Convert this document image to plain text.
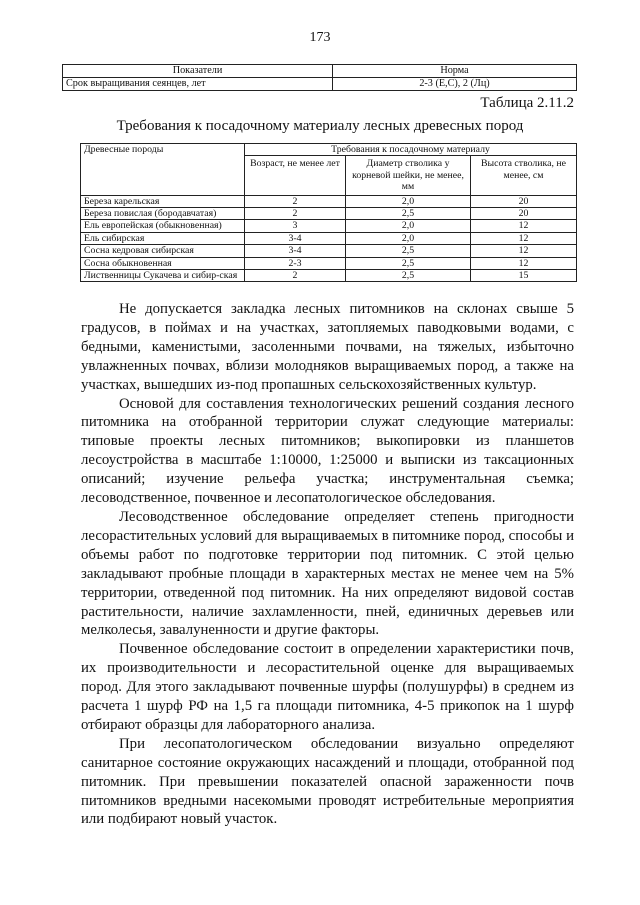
173
Показатели	Норма
Срок выращивания сеянцев, лет	2-3 (Е,С), 2 (Лц)
Таблица 2.11.2
Требования к посадочному материалу лесных древесных пород
Древесные породы	Требования к посадочному материалу		
	Возраст, не менее лет	Диаметр стволика у корневой шейки, не менее, мм	Высота стволика, не менее, см
Береза карельская	2	2,0	20
Береза повислая (бородавчатая)	2	2,5	20
Ель европейская (обыкновенная)	3	2,0	12
Ель сибирская	3-4	2,0	12
Сосна кедровая сибирская	3-4	2,5	12
Сосна обыкновенная	2-3	2,5	12
Лиственницы Сукачева и сибир-ская	2	2,5	15

Не допускается закладка лесных питомников на склонах свыше 5 градусов, в поймах и на участках, затопляемых паводковыми водами, с бедными, каменистыми, засоленными почвами, на тяжелых, избыточно увлажненных почвах, вблизи молодняков выращиваемых пород, а также на участках, вышедших из-под пропашных сельскохозяйственных культур.

Основой для составления технологических решений создания лесного питомника на отобранной территории служат следующие материалы: типовые проекты лесных питомников; выкопировки из планшетов лесоустройства в масштабе 1:10000, 1:25000 и выписки из таксационных описаний; изучение рельефа участка; инструментальная съемка; лесоводственное, почвенное и лесопатологическое обследования.

Лесоводственное обследование определяет степень пригодности лесорастительных условий для выращиваемых в питомнике пород, способы и объемы работ по подготовке территории под питомник. С этой целью закладывают пробные площади в характерных местах не менее чем на 5% территории, отведенной под питомник. На них определяют видовой состав растительности, наличие захламленности, пней, единичных деревьев или мелколесья, завалуненности и другие факторы.

Почвенное обследование состоит в определении характеристики почв, их производительности и лесорастительной оценке для выращиваемых пород. Для этого закладывают почвенные шурфы (полушурфы) в среднем из расчета 1 шурф РФ на 1,5 га площади питомника, 4-5 прикопок на 1 шурф отбирают образцы для лабораторного анализа.

При лесопатологическом обследовании визуально определяют санитарное состояние окружающих насаждений и площади, отобранной под питомник. При превышении показателей опасной зараженности почв питомников вредными насекомыми проводят истребительные мероприятия или подбирают новый участок.
